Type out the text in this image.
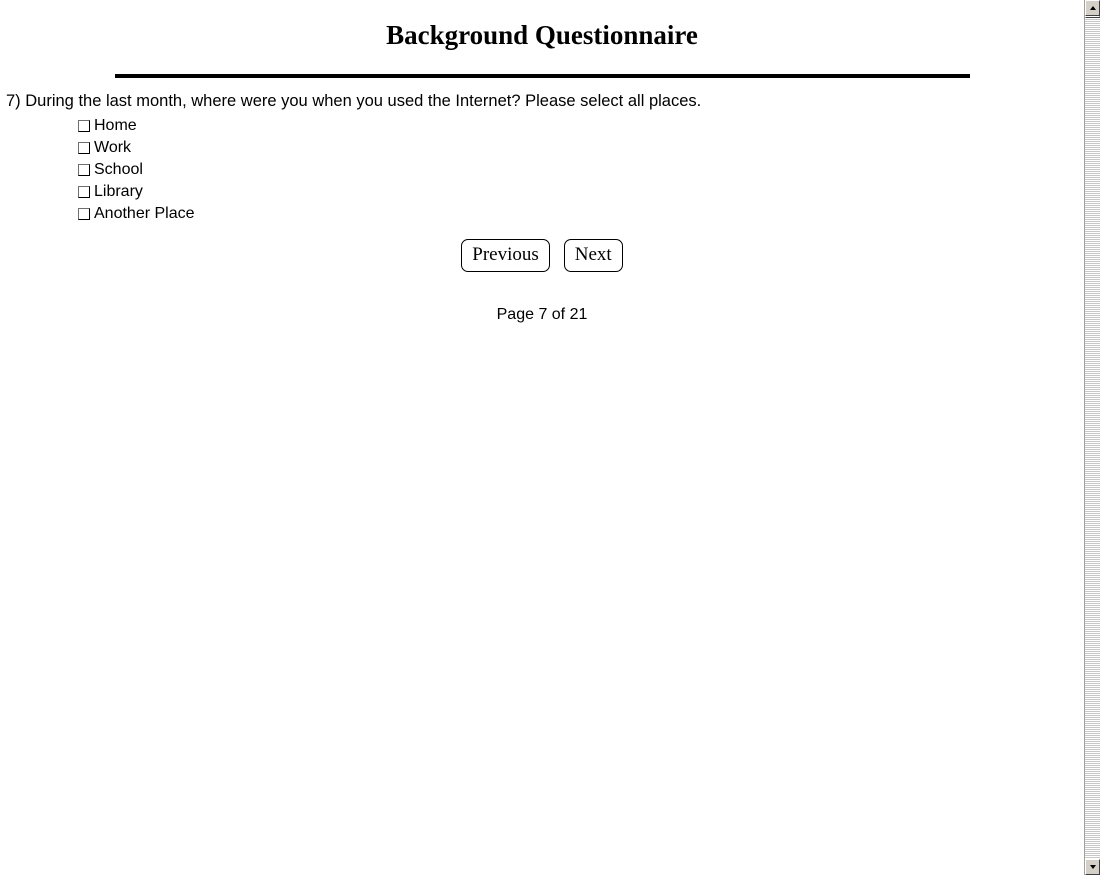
Background Questionnaire
7) During the last month, where were you when you used the Internet? Please select all places.
Home
Work
School
Library
Another Place
Previous	Next
Page 7 of 21
